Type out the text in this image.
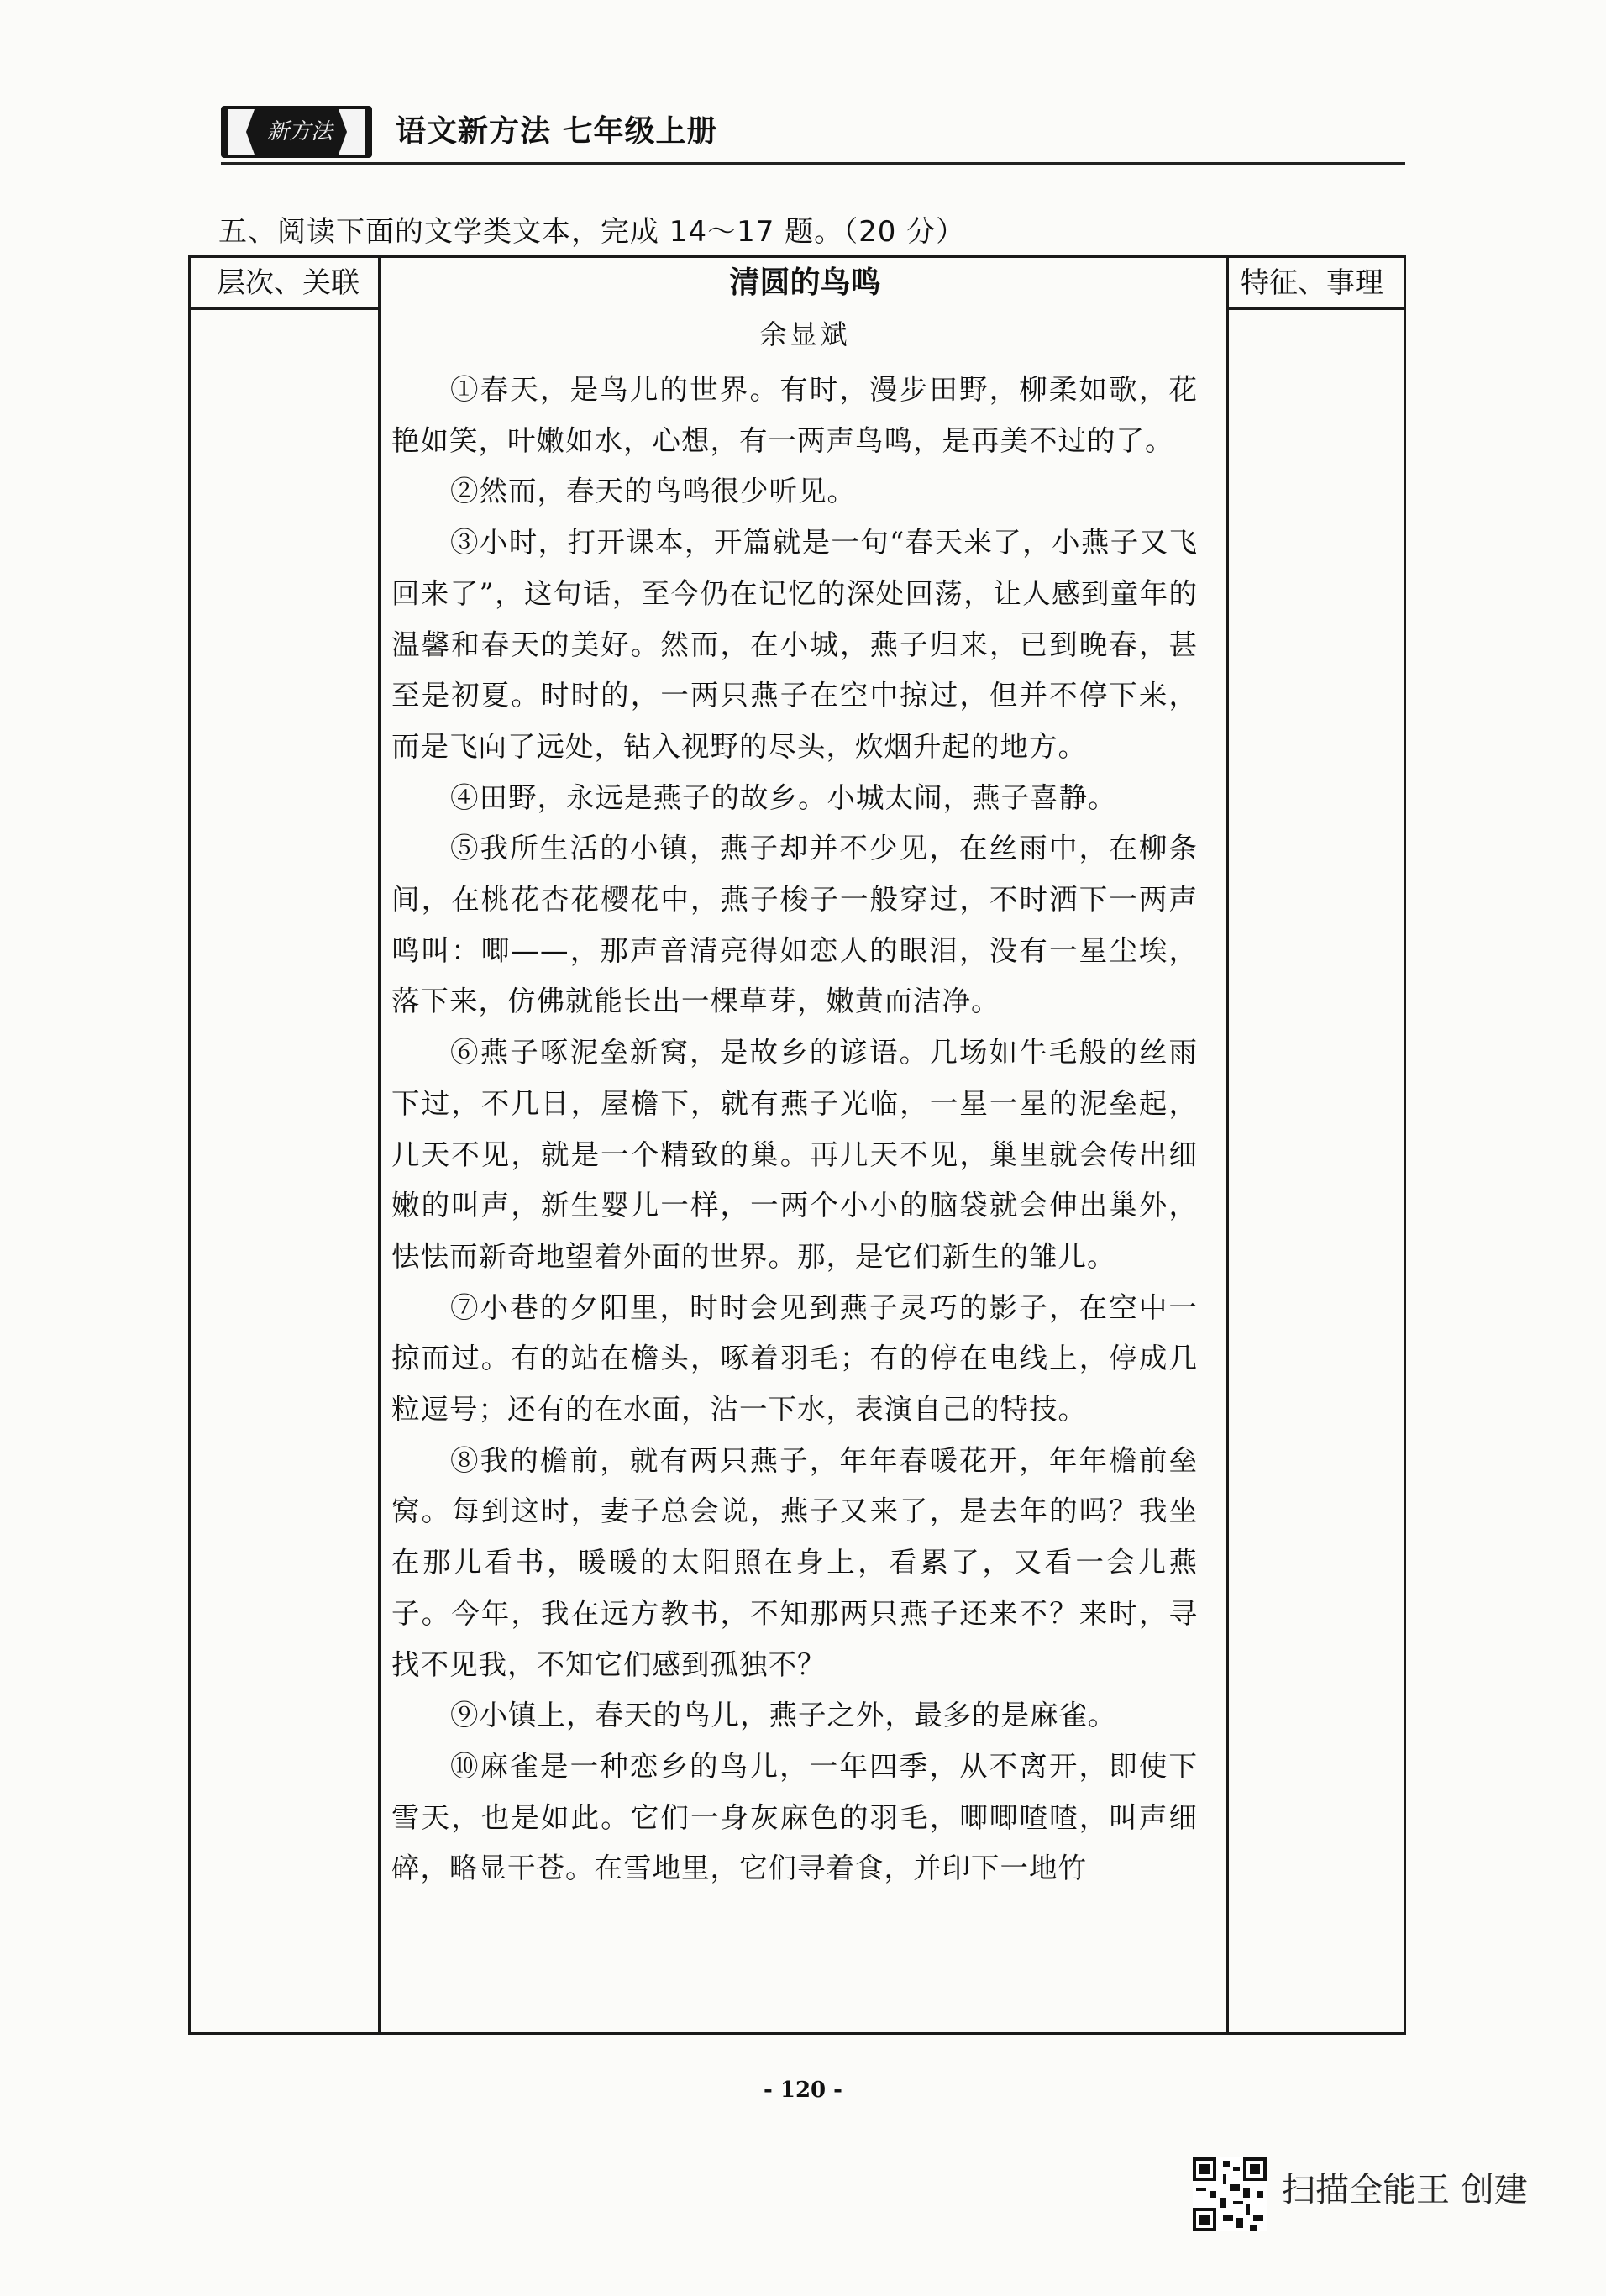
新方法	语文新方法 七年级上册
五、阅读下面的文学类文本，完成 14～17 题。（20 分）
层次、关联	特征、事理
清圆的鸟鸣
余显斌

①春天，是鸟儿的世界。有时，漫步田野，柳柔如歌，花艳如笑，叶嫩如水，心想，有一两声鸟鸣，是再美不过的了。

②然而，春天的鸟鸣很少听见。

③小时，打开课本，开篇就是一句“春天来了，小燕子又飞回来了”，这句话，至今仍在记忆的深处回荡，让人感到童年的温馨和春天的美好。然而，在小城，燕子归来，已到晚春，甚至是初夏。时时的，一两只燕子在空中掠过，但并不停下来，而是飞向了远处，钻入视野的尽头，炊烟升起的地方。

④田野，永远是燕子的故乡。小城太闹，燕子喜静。

⑤我所生活的小镇，燕子却并不少见，在丝雨中，在柳条间，在桃花杏花樱花中，燕子梭子一般穿过，不时洒下一两声鸣叫：唧——，那声音清亮得如恋人的眼泪，没有一星尘埃，落下来，仿佛就能长出一棵草芽，嫩黄而洁净。

⑥燕子啄泥垒新窝，是故乡的谚语。几场如牛毛般的丝雨下过，不几日，屋檐下，就有燕子光临，一星一星的泥垒起，几天不见，就是一个精致的巢。再几天不见，巢里就会传出细嫩的叫声，新生婴儿一样，一两个小小的脑袋就会伸出巢外，怯怯而新奇地望着外面的世界。那，是它们新生的雏儿。

⑦小巷的夕阳里，时时会见到燕子灵巧的影子，在空中一掠而过。有的站在檐头，啄着羽毛；有的停在电线上，停成几粒逗号；还有的在水面，沾一下水，表演自己的特技。

⑧我的檐前，就有两只燕子，年年春暖花开，年年檐前垒窝。每到这时，妻子总会说，燕子又来了，是去年的吗？我坐在那儿看书，暖暖的太阳照在身上，看累了，又看一会儿燕子。今年，我在远方教书，不知那两只燕子还来不？来时，寻找不见我，不知它们感到孤独不？

⑨小镇上，春天的鸟儿，燕子之外，最多的是麻雀。

⑩麻雀是一种恋乡的鸟儿，一年四季，从不离开，即使下雪天，也是如此。它们一身灰麻色的羽毛，唧唧喳喳，叫声细碎，略显干苍。在雪地里，它们寻着食，并印下一地竹

- 120 -
扫描全能王 创建
